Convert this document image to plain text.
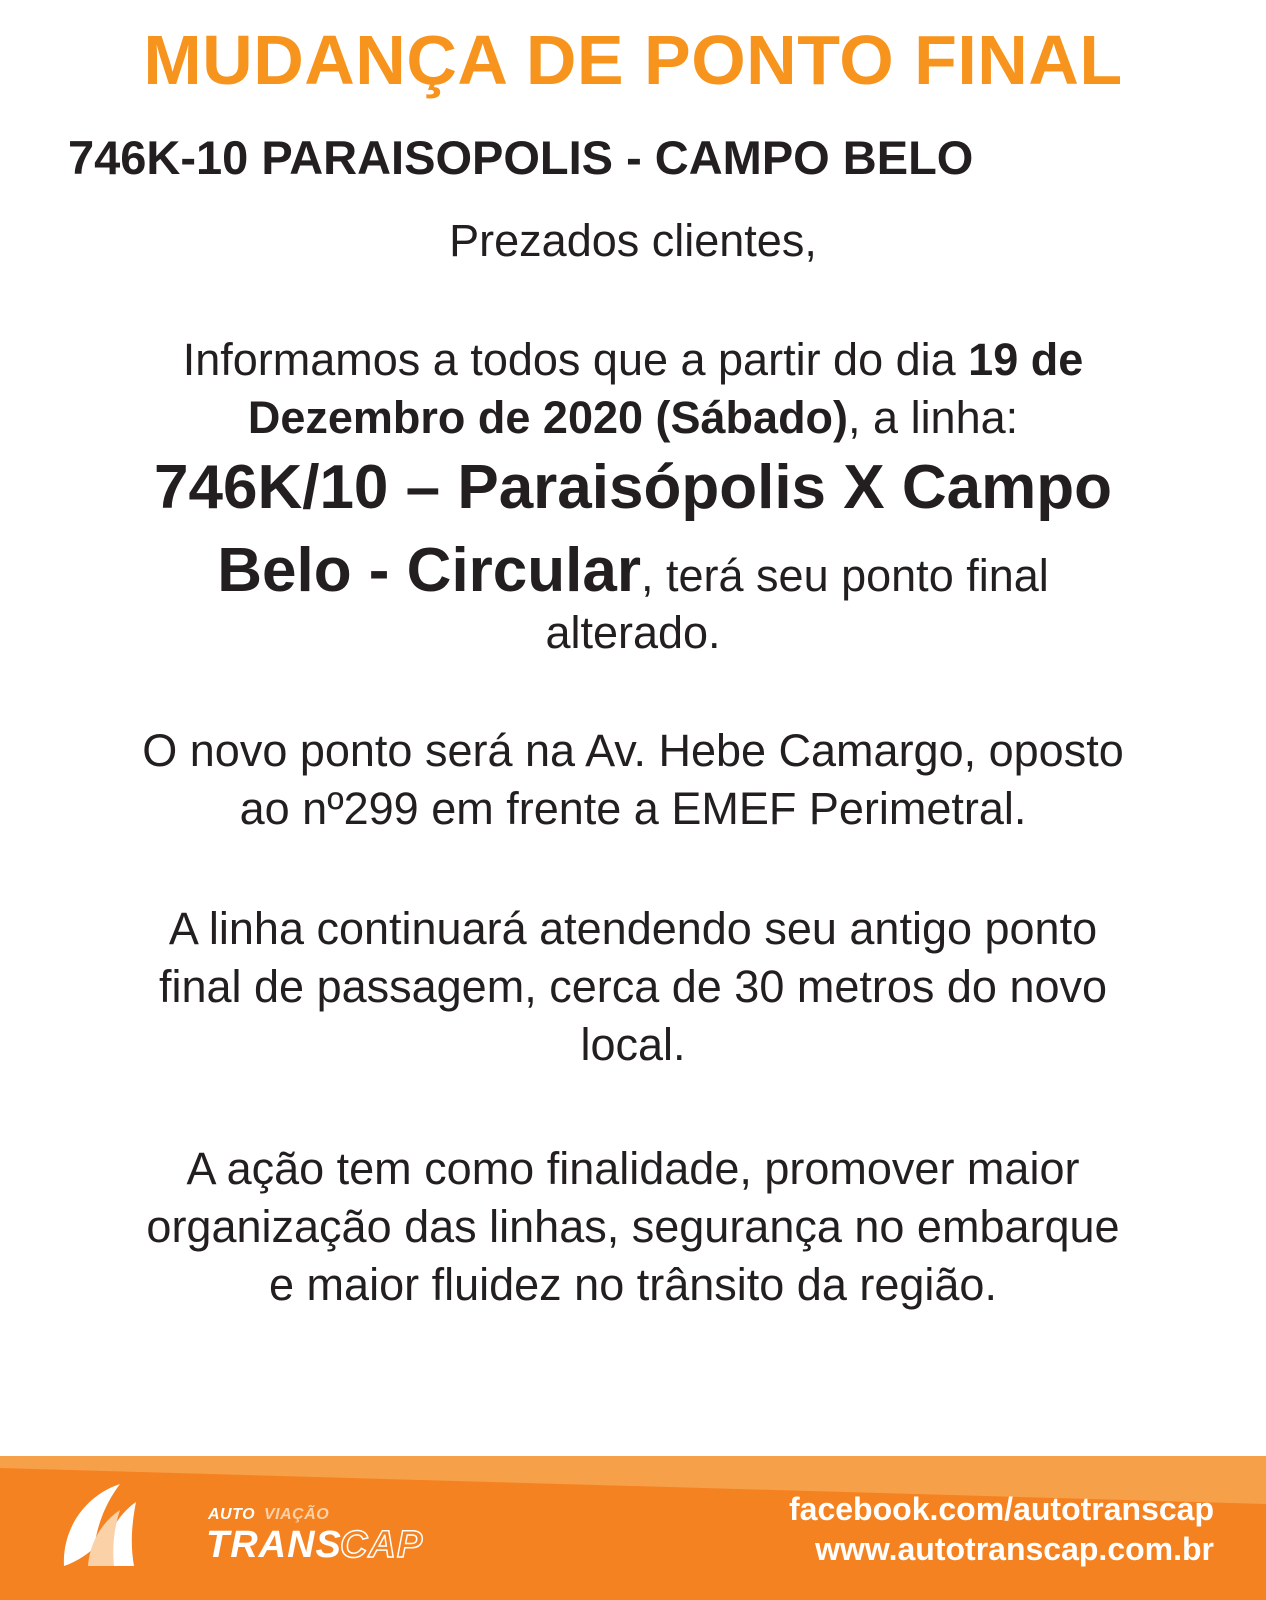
MUDANÇA DE PONTO FINAL
746K-10 PARAISOPOLIS - CAMPO BELO

Prezados clientes,

Informamos a todos que a partir do dia 19 de
Dezembro de 2020 (Sábado), a linha:

746K/10 – Paraisópolis X Campo

Belo - Circular, terá seu ponto final

alterado.

O novo ponto será na Av. Hebe Camargo, oposto
ao nº299 em frente a EMEF Perimetral.

A linha continuará atendendo seu antigo ponto
final de passagem, cerca de 30 metros do novo
local.

A ação tem como finalidade, promover maior
organização das linhas, segurança no embarque
e maior fluidez no trânsito da região.

AUTO VIAÇÃO

TRANS

CAP

facebook.com/autotranscap

www.autotranscap.com.br
